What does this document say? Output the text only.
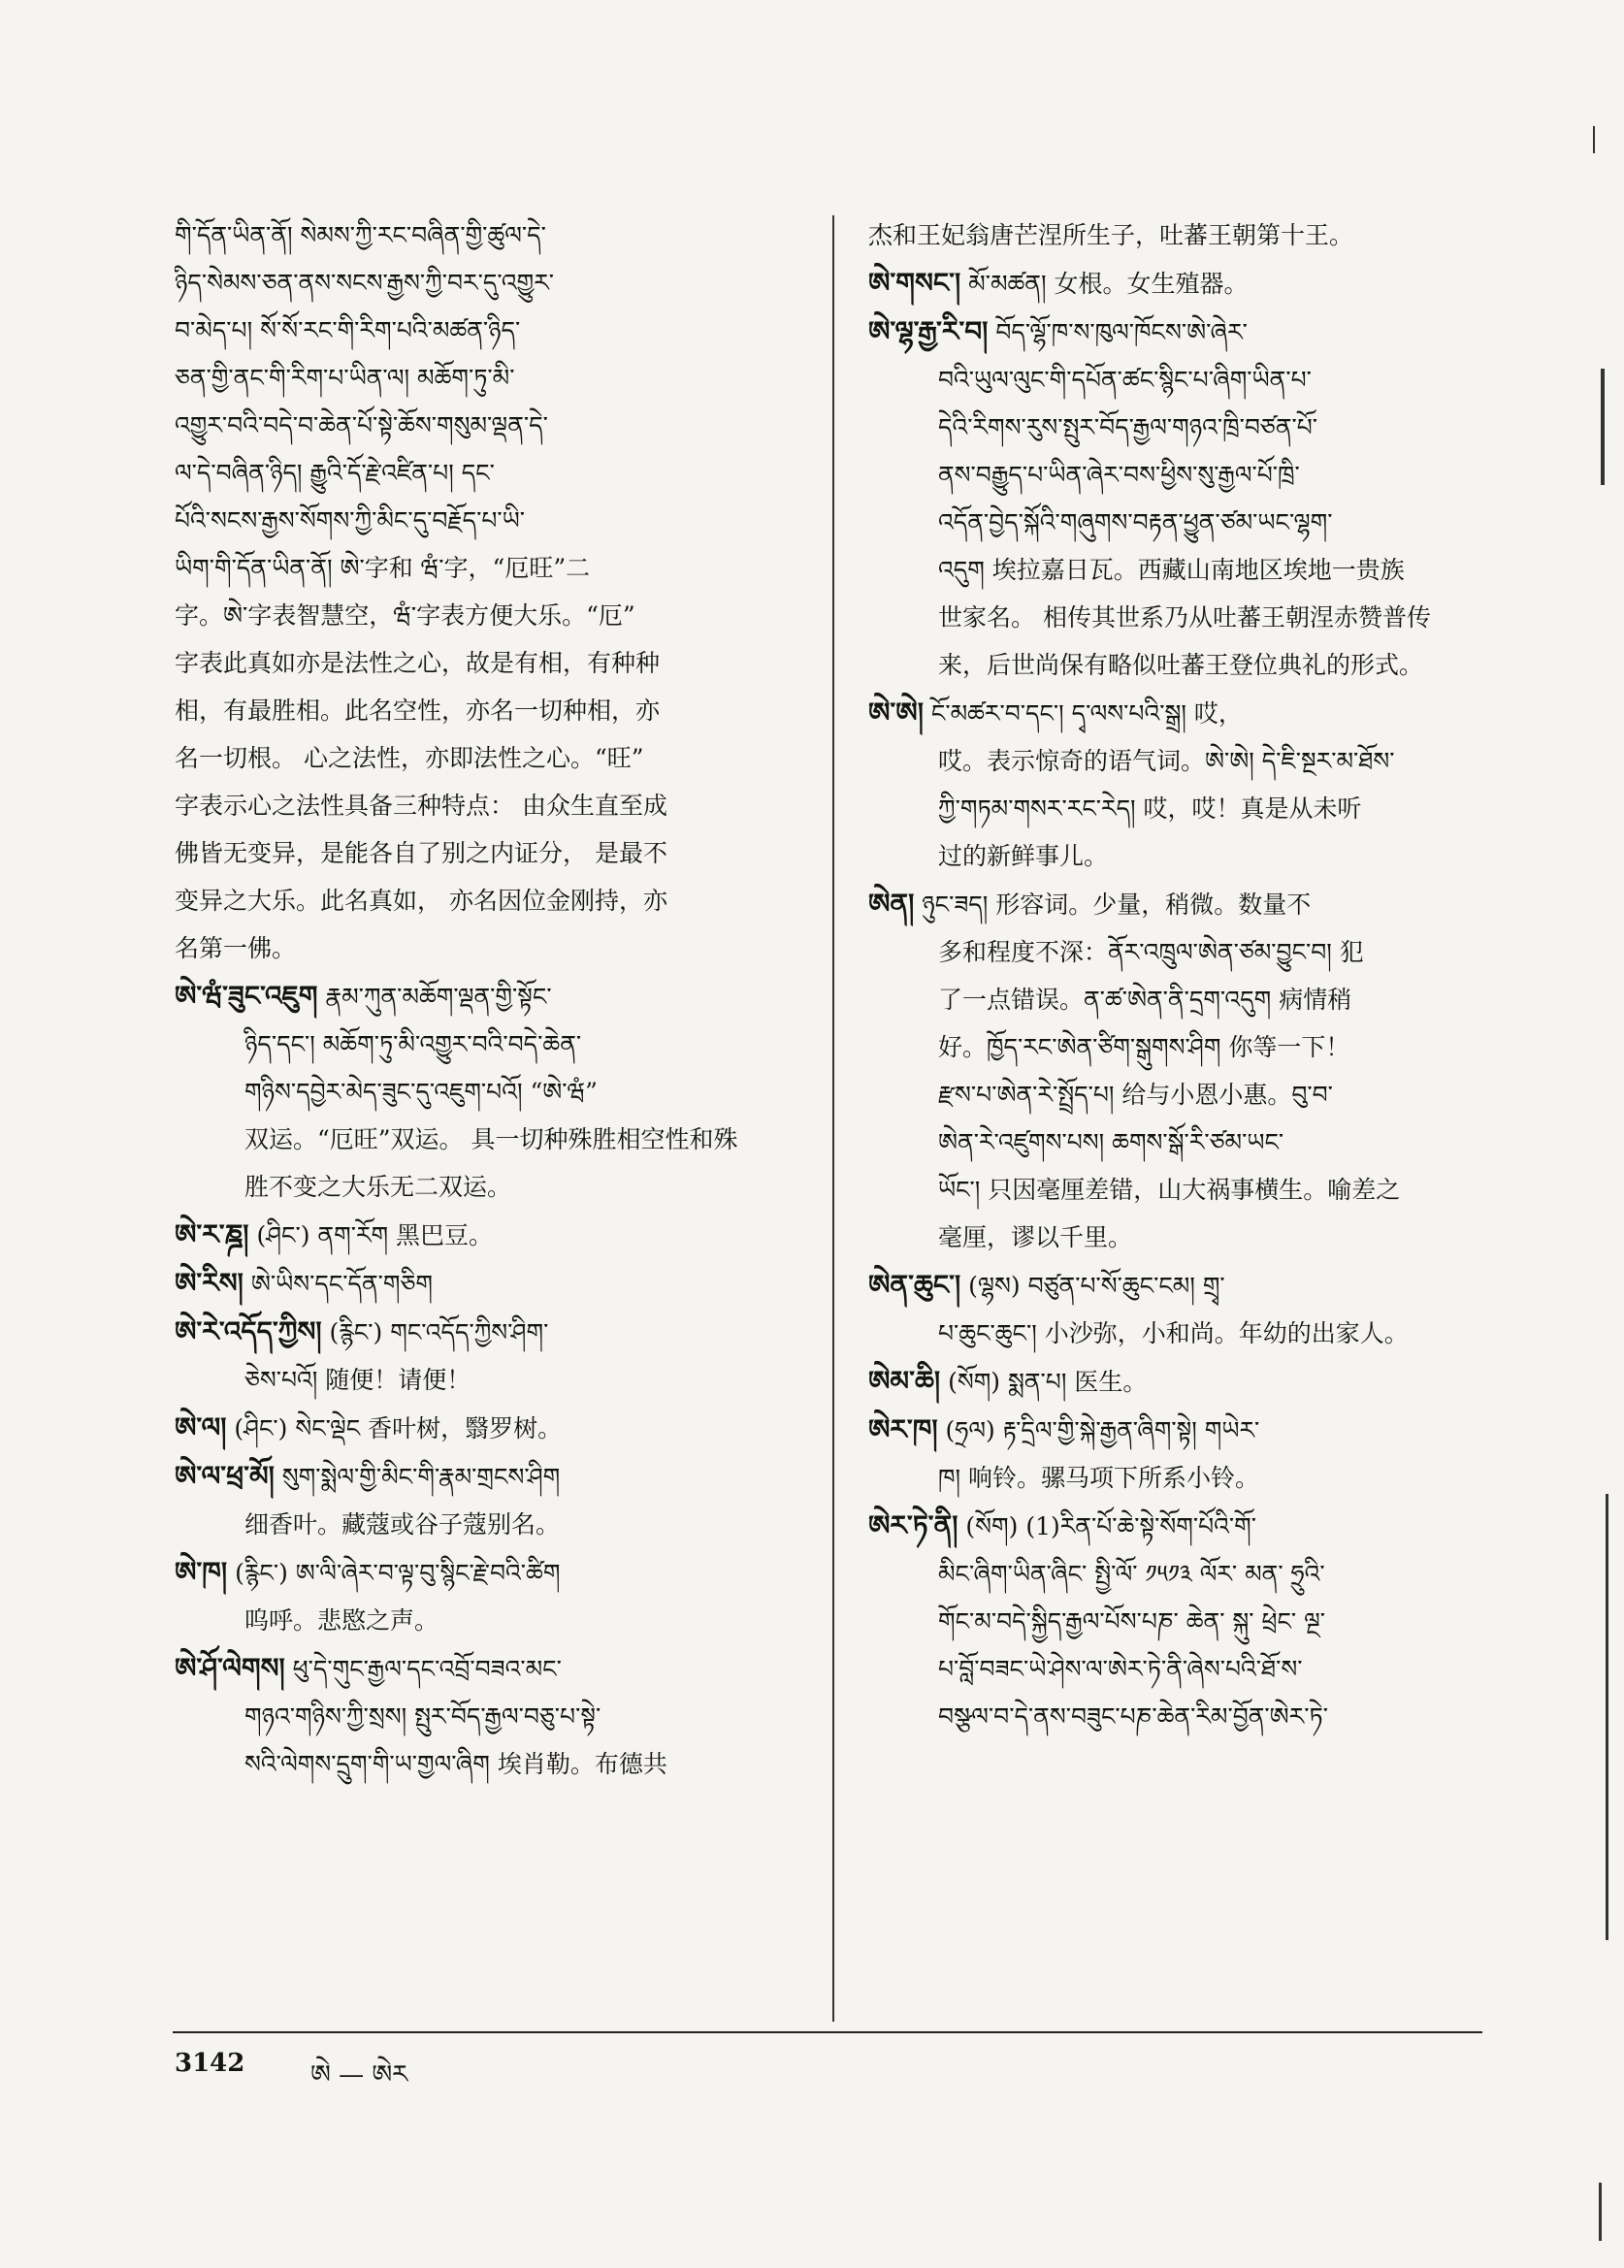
གི་དོན་ཡིན་ནོ། སེམས་ཀྱི་རང་བཞིན་གྱི་ཚུལ་དེ་
ཉིད་སེམས་ཅན་ནས་སངས་རྒྱས་ཀྱི་བར་དུ་འགྱུར་
བ་མེད་པ། སོ་སོ་རང་གི་རིག་པའི་མཚན་ཉིད་
ཅན་གྱི་ནང་གི་རིག་པ་ཡིན་ལ། མཆོག་ཏུ་མི་
འགྱུར་བའི་བདེ་བ་ཆེན་པོ་སྟེ་ཆོས་གསུམ་ལྡན་དེ་
ལ་དེ་བཞིན་ཉིད། རྒྱུའི་དོ་རྗེ་འཛིན་པ། དང་
པོའི་སངས་རྒྱས་སོགས་ཀྱི་མིང་དུ་བརྗོད་པ་ཡི་
ཡིག་གི་དོན་ཡིན་ནོ། ཨེ་字和 ཝཾ་字，“厄旺”二
字。ཨེ་字表智慧空，ཝཾ་字表方便大乐。“厄”
字表此真如亦是法性之心，故是有相，有种种
相，有最胜相。此名空性，亦名一切种相，亦
名一切根。 心之法性，亦即法性之心。“旺”
字表示心之法性具备三种特点： 由众生直至成
佛皆无变异，是能各自了别之内证分， 是最不
变异之大乐。此名真如， 亦名因位金刚持，亦
名第一佛。
ཨེ་ཝཾ་ཟུང་འཇུག རྣམ་ཀུན་མཆོག་ལྡན་གྱི་སྟོང་
ཉིད་དང་། མཆོག་ཏུ་མི་འགྱུར་བའི་བདེ་ཆེན་
གཉིས་དབྱེར་མེད་ཟུང་དུ་འཇུག་པའོ། “ཨེ་ཝཾ”
双运。“厄旺”双运。 具一切种殊胜相空性和殊
胜不变之大乐无二双运。
ཨེ་ར་ཎྜ། (ཤིང་) ནག་རོག 黑巴豆。
ཨེ་རིས། ཨེ་ཡིས་དང་དོན་གཅིག
ཨེ་རེ་འདོད་ཀྱིས། (རྙིང་) གང་འདོད་ཀྱིས་ཤིག་
ཅེས་པའོ། 随便！请便！
ཨེ་ལ། (ཤིང་) སེང་ལྡེང 香叶树，翳罗树。
ཨེ་ལ་ཕྲ་མོ། སུག་སྨེལ་གྱི་མིང་གི་རྣམ་གྲངས་ཤིག
细香叶。藏蔻或谷子蔻别名。
ཨེ་ཁ། (རྙིང་) ཨ་ལི་ཞེར་བ་ལྟ་བུ་སྙིང་རྗེ་བའི་ཚིག
呜呼。悲愍之声。
ཨེ་ཤོ་ལེགས། ཕུ་དེ་གུང་རྒྱལ་དང་འབྲོ་བཟའ་མང་
གཉའ་གཉིས་ཀྱི་སྲས། སྤུར་བོད་རྒྱལ་བཅུ་པ་སྟེ་
སའི་ལེགས་དྲུག་གི་ཡ་གྱལ་ཞིག 埃肖勒。布德共
杰和王妃翁唐芒涅所生子，吐蕃王朝第十王。
ཨེ་གསང་། མོ་མཚན། 女根。女生殖器。
ཨེ་ལྷ་རྒྱ་རི་བ། བོད་ལྷོ་ཁ་ས་ཁུལ་ཁོངས་ཨེ་ཞེར་
བའི་ཡུལ་ལུང་གི་དཔོན་ཚང་སྙིང་པ་ཞིག་ཡིན་པ་
དེའི་རིགས་རུས་སྤུར་བོད་རྒྱལ་གཉའ་ཁྲི་བཙན་པོ་
ནས་བརྒྱུད་པ་ཡིན་ཞེར་བས་ཕྱིས་སུ་རྒྱལ་པོ་ཁྲི་
འདོན་བྱེད་སྐོའི་གཞུགས་བརྟན་ཕྱུན་ཙམ་ཡང་ལྷག་
འདུག 埃拉嘉日瓦。西藏山南地区埃地一贵族
世家名。 相传其世系乃从吐蕃王朝涅赤赞普传
来，后世尚保有略似吐蕃王登位典礼的形式。
ཨེ་ཨེ། ངོ་མཚར་བ་དང་། དྭ་ལས་པའི་སྒྲ། 哎，
哎。表示惊奇的语气词。ཨེ་ཨེ། དེ་ཇི་སྔར་མ་ཐོས་
ཀྱི་གཏམ་གསར་རང་རེད། 哎，哎！真是从未听
过的新鲜事儿。
ཨེན། ཉུང་ཟད། 形容词。少量，稍微。数量不
多和程度不深：ནོར་འཁྲུལ་ཨེན་ཙམ་བྱུང་བ། 犯
了一点错误。ན་ཚ་ཨེན་ནི་དྲག་འདུག 病情稍
好。ཁྱོད་རང་ཨེན་ཙིག་སྒུགས་ཤིག 你等一下！
རྫས་པ་ཨེན་རེ་སྤྲོད་པ། 给与小恩小惠。བུ་བ་
ཨེན་རེ་འཛུགས་པས། ཆགས་སྒོ་རི་ཙམ་ཡང་
ཡོང་། 只因毫厘差错，山大祸事横生。喻差之
毫厘，谬以千里。
ཨེན་ཆུང་། (ལྷས) བཙུན་པ་སོ་ཆུང་ངམ། གྲྭ་
པ་ཆུང་ཆུང་། 小沙弥，小和尚。年幼的出家人。
ཨེམ་ཆི། (སོག) སྨན་པ། 医生。
ཨེར་ཁ། (ཧྲལ) རྟ་དྲིལ་གྱི་སྐེ་རྒྱན་ཞིག་སྟེ། གཡེར་
ཁ། 响铃。骡马项下所系小铃。
ཨེར་ཏེ་ནི། (སོག) (1)རིན་པོ་ཆེ་སྟེ་སོག་པོའི་གོ་
མིང་ཞིག་ཡིན་ཞིང་ སྤྱི་ལོ་ ༡༥༡༣ ལོར་ མན་ ཧྲུའི་
གོང་མ་བདེ་སྐྱིད་རྒྱལ་པོས་པཎ་ ཆེན་ སྐུ་ ཕྲེང་ ལྔ་
པ་བློ་བཟང་ཡེ་ཤེས་ལ་ཨེར་ཏེ་ནི་ཞེས་པའི་ཐོ་ས་
བསྩལ་བ་དེ་ནས་བཟུང་པཎ་ཆེན་རིམ་བྱོན་ཨེར་ཏེ་
3142	ཨེ — ཨེར
